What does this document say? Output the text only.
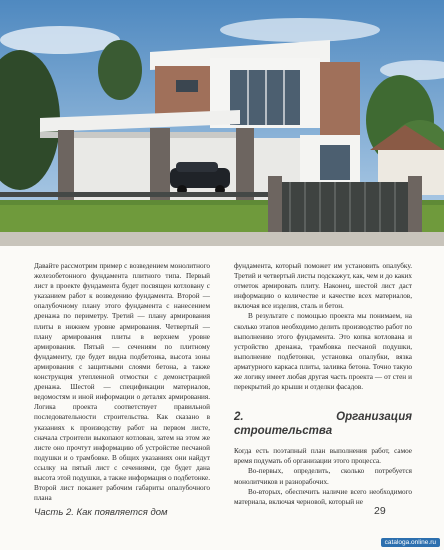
Давайте рассмотрим пример с возведением монолитного железобетонного фундамента плитного типа. Первый лист в проекте фундамента будет посвящен котловану с указанием работ к возведению фундамента. Второй — опалубочному плану этого фундамента с нанесением дренажа по периметру. Третий — плану армирования плиты в нижнем уровне армирования. Четвертый — плану армирования плиты в верхнем уровне армирования. Пятый — сечениям по плитному фундаменту, где будет видна подбетонка, высота зоны армирования с защитными слоями бетона, а также конструкция утепленной отмостки с демонстрацией дренажа. Шестой — спецификации материалов, ведомостям и иной информации о деталях армирования. Логика проекта соответствует правильной последовательности строительства. Как сказано в указаниях к производству работ на первом листе, сначала строители выкопают котлован, затем на этом же листе оно прочтут информацию об устройстве песчаной подушки и о трамбовке. В общих указаниях они найдут ссылку на пятый лист с сечениями, где будет дана высота этой подушки, а также информация о подбетонке. Второй лист покажет рабочим габариты опалубочного плана

фундамента, который поможет им установить опалубку. Третий и четвертый листы подскажут, как, чем и до каких отметок армировать плиту. Наконец, шестой лист даст информацию о количестве и качестве всех материалов, включая все изделия, сталь и бетон.

В результате с помощью проекта мы понимаем, на сколько этапов необходимо делить производство работ по выполнению этого фундамента. Это копка котлована и устройство дренажа, трамбовка песчаной подушки, выполнение подбетонки, установка опалубки, вязка арматурного каркаса плиты, заливка бетона. Точно такую же логику имеет любая другая часть проекта — от стен и перекрытий до крыши и отделки фасадов.

2. Организация строительства

Когда есть поэтапный план выполнения работ, самое время подумать об организации этого процесса.

Во-первых, определить, сколько потребуется монолитчиков и разнорабочих.

Во-вторых, обеспечить наличие всего необходимого материала, включая черновой, который не

Часть 2. Как появляется дом	29
cataloga.online.ru
